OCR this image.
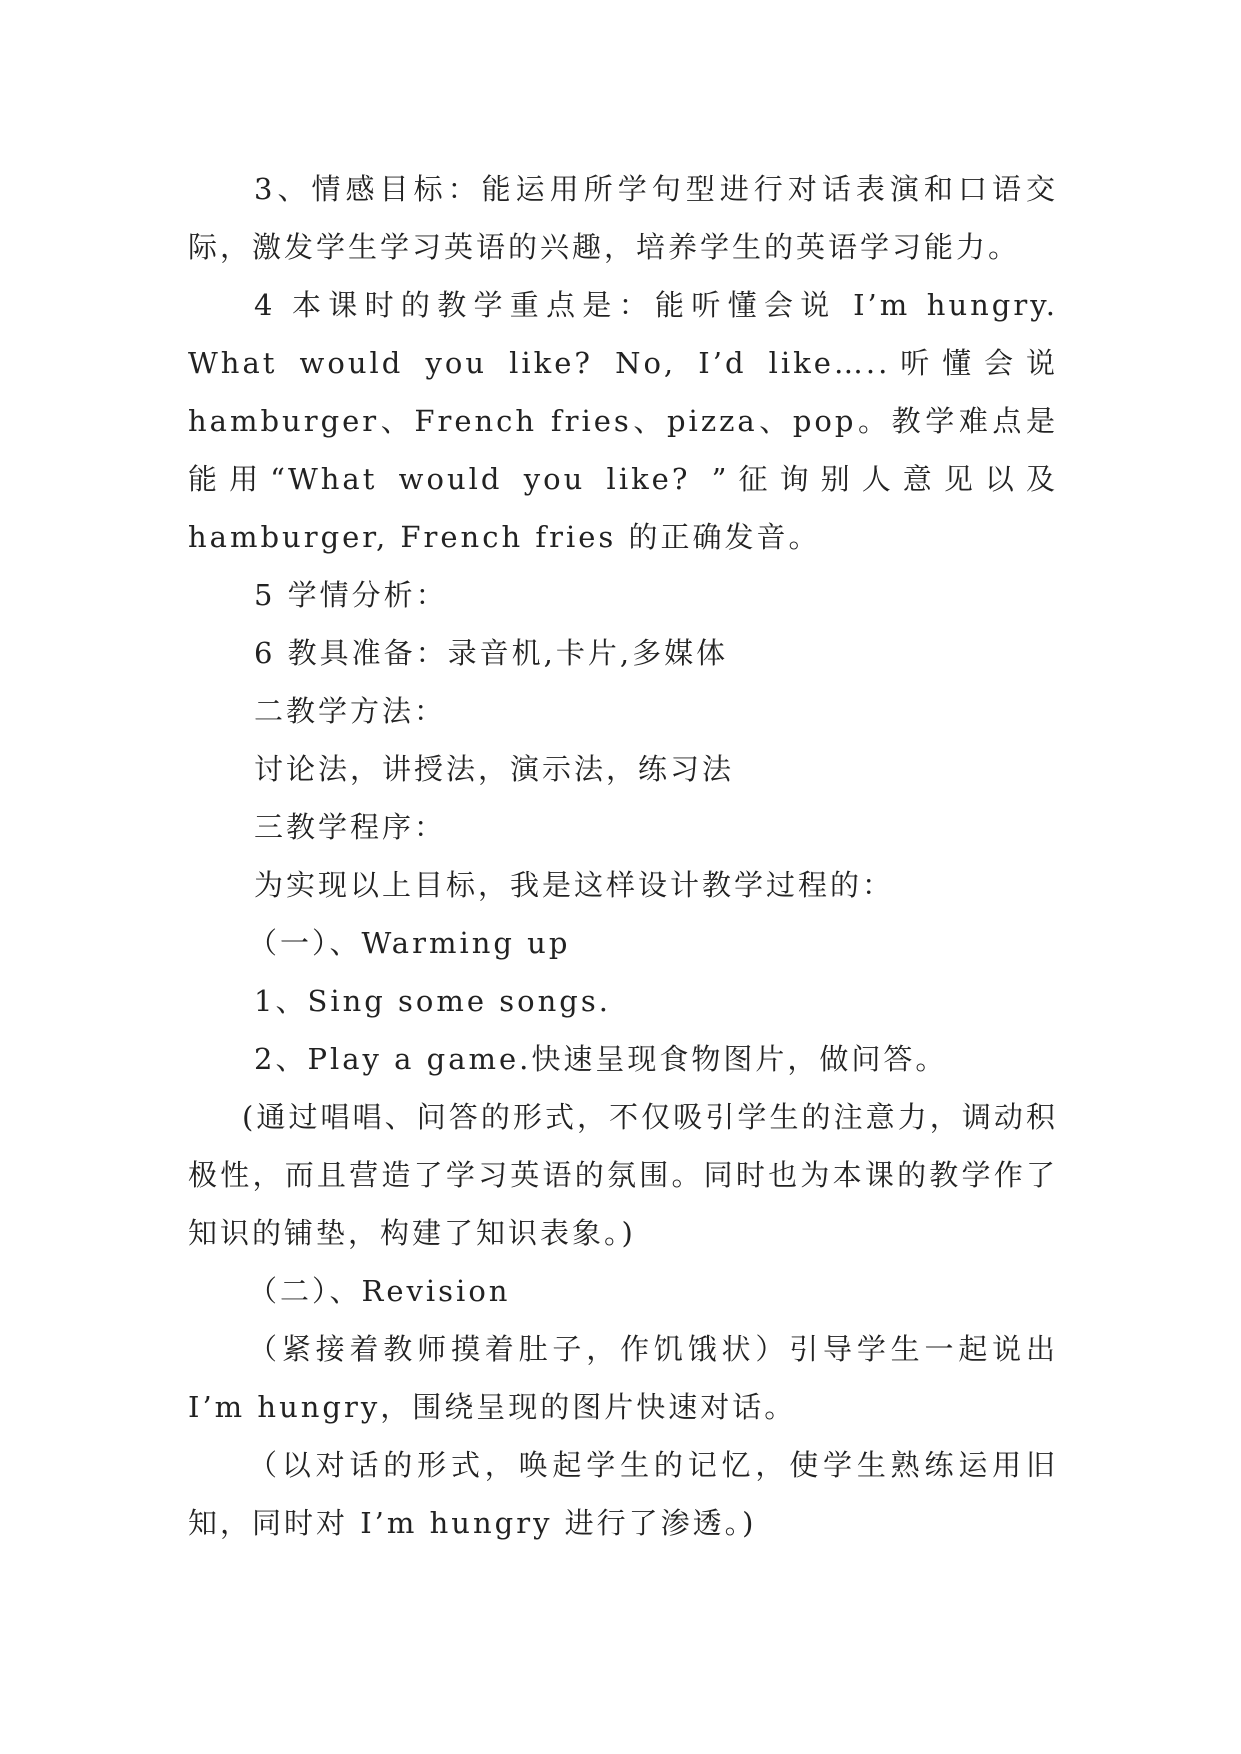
3、情感目标：能运用所学句型进行对话表演和口语交际，激发学生学习英语的兴趣，培养学生的英语学习能力。

4 本课时的教学重点是：能听懂会说 I’m hungry. What would you like? No, I’d like…..听懂会说 hamburger、French fries、pizza、pop。教学难点是能用“What would you like? ”征询别人意见以及 hamburger, French fries 的正确发音。

5 学情分析：

6 教具准备：录音机,卡片,多媒体

二教学方法：

讨论法，讲授法，演示法，练习法

三教学程序：

为实现以上目标，我是这样设计教学过程的：

（一）、Warming up

1、Sing some songs.

2、Play a game.快速呈现食物图片，做问答。

(通过唱唱、问答的形式，不仅吸引学生的注意力，调动积极性，而且营造了学习英语的氛围。同时也为本课的教学作了知识的铺垫，构建了知识表象。)

（二）、Revision

（紧接着教师摸着肚子，作饥饿状）引导学生一起说出 I’m hungry，围绕呈现的图片快速对话。

（以对话的形式，唤起学生的记忆，使学生熟练运用旧知，同时对 I’m hungry 进行了渗透。)
